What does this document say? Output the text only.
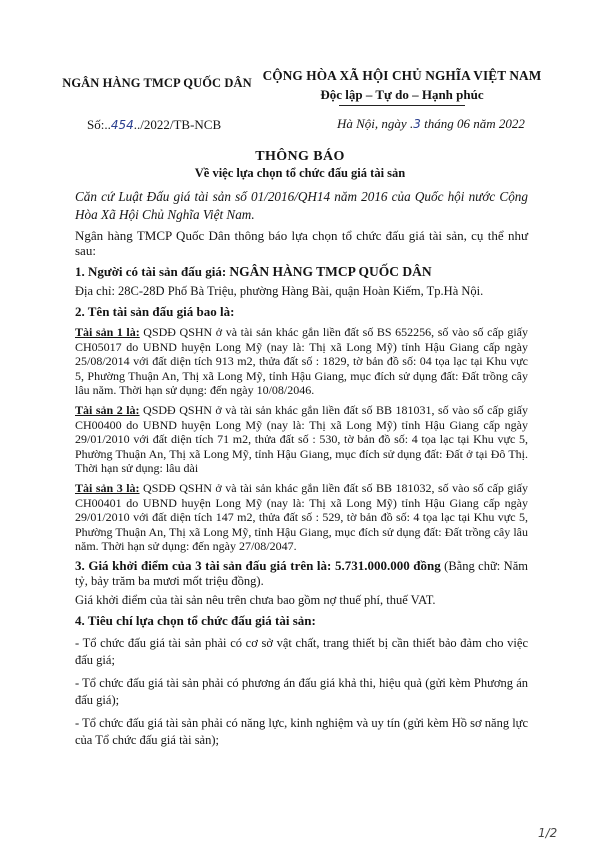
NGÂN HÀNG TMCP QUỐC DÂN CỘNG HÒA XÃ HỘI CHỦ NGHĨA VIỆT NAM
Độc lập – Tự do – Hạnh phúc
Số:..454../2022/TB-NCB	Hà Nội, ngày .3 tháng 06 năm 2022
THÔNG BÁO
Về việc lựa chọn tổ chức đấu giá tài sản

Căn cứ Luật Đấu giá tài sản số 01/2016/QH14 năm 2016 của Quốc hội nước Cộng Hòa Xã Hội Chủ Nghĩa Việt Nam.

Ngân hàng TMCP Quốc Dân thông báo lựa chọn tổ chức đấu giá tài sản, cụ thể như sau:

1. Người có tài sản đấu giá: NGÂN HÀNG TMCP QUỐC DÂN

Địa chỉ: 28C-28D Phố Bà Triệu, phường Hàng Bài, quận Hoàn Kiếm, Tp.Hà Nội.

2. Tên tài sản đấu giá bao là:

Tài sản 1 là: QSDĐ QSHN ở và tài sản khác gắn liền đất số BS 652256, số vào số cấp giấy CH05017 do UBND huyện Long Mỹ (nay là: Thị xã Long Mỹ) tỉnh Hậu Giang cấp ngày 25/08/2014 với đất diện tích 913 m2, thửa đất số : 1829, tờ bản đồ số: 04 tọa lạc tại Khu vực 5, Phường Thuận An, Thị xã Long Mỹ, tỉnh Hậu Giang, mục đích sử dụng đất: Đất trồng cây lâu năm. Thời hạn sử dụng: đến ngày 10/08/2046.

Tài sản 2 là: QSDĐ QSHN ở và tài sản khác gắn liền đất số BB 181031, số vào số cấp giấy CH00400 do UBND huyện Long Mỹ (nay là: Thị xã Long Mỹ) tỉnh Hậu Giang cấp ngày 29/01/2010 với đất diện tích 71 m2, thửa đất số : 530, tờ bản đồ số: 4 tọa lạc tại Khu vực 5, Phường Thuận An, Thị xã Long Mỹ, tỉnh Hậu Giang, mục đích sử dụng đất: Đất ở tại Đô Thị. Thời hạn sử dụng: lâu dài

Tài sản 3 là: QSDĐ QSHN ở và tài sản khác gắn liền đất số BB 181032, số vào số cấp giấy CH00401 do UBND huyện Long Mỹ (nay là: Thị xã Long Mỹ) tỉnh Hậu Giang cấp ngày 29/01/2010 với đất diện tích 147 m2, thửa đất số : 529, tờ bản đồ số: 4 tọa lạc tại Khu vực 5, Phường Thuận An, Thị xã Long Mỹ, tỉnh Hậu Giang, mục đích sử dụng đất: Đất trồng cây lâu năm. Thời hạn sử dụng: đến ngày 27/08/2047.

3. Giá khởi điểm của 3 tài sản đấu giá trên là: 5.731.000.000 đồng (Bằng chữ: Năm tỷ, bảy trăm ba mươi mốt triệu đồng).

Giá khởi điểm của tài sản nêu trên chưa bao gồm nợ thuế phí, thuế VAT.

4. Tiêu chí lựa chọn tổ chức đấu giá tài sản:

- Tổ chức đấu giá tài sản phải có cơ sở vật chất, trang thiết bị cần thiết bảo đảm cho việc đấu giá;

- Tổ chức đấu giá tài sản phải có phương án đấu giá khả thi, hiệu quả (gửi kèm Phương án đấu giá);

- Tổ chức đấu giá tài sản phải có năng lực, kinh nghiệm và uy tín (gửi kèm Hồ sơ năng lực của Tổ chức đấu giá tài sản);

1/2
